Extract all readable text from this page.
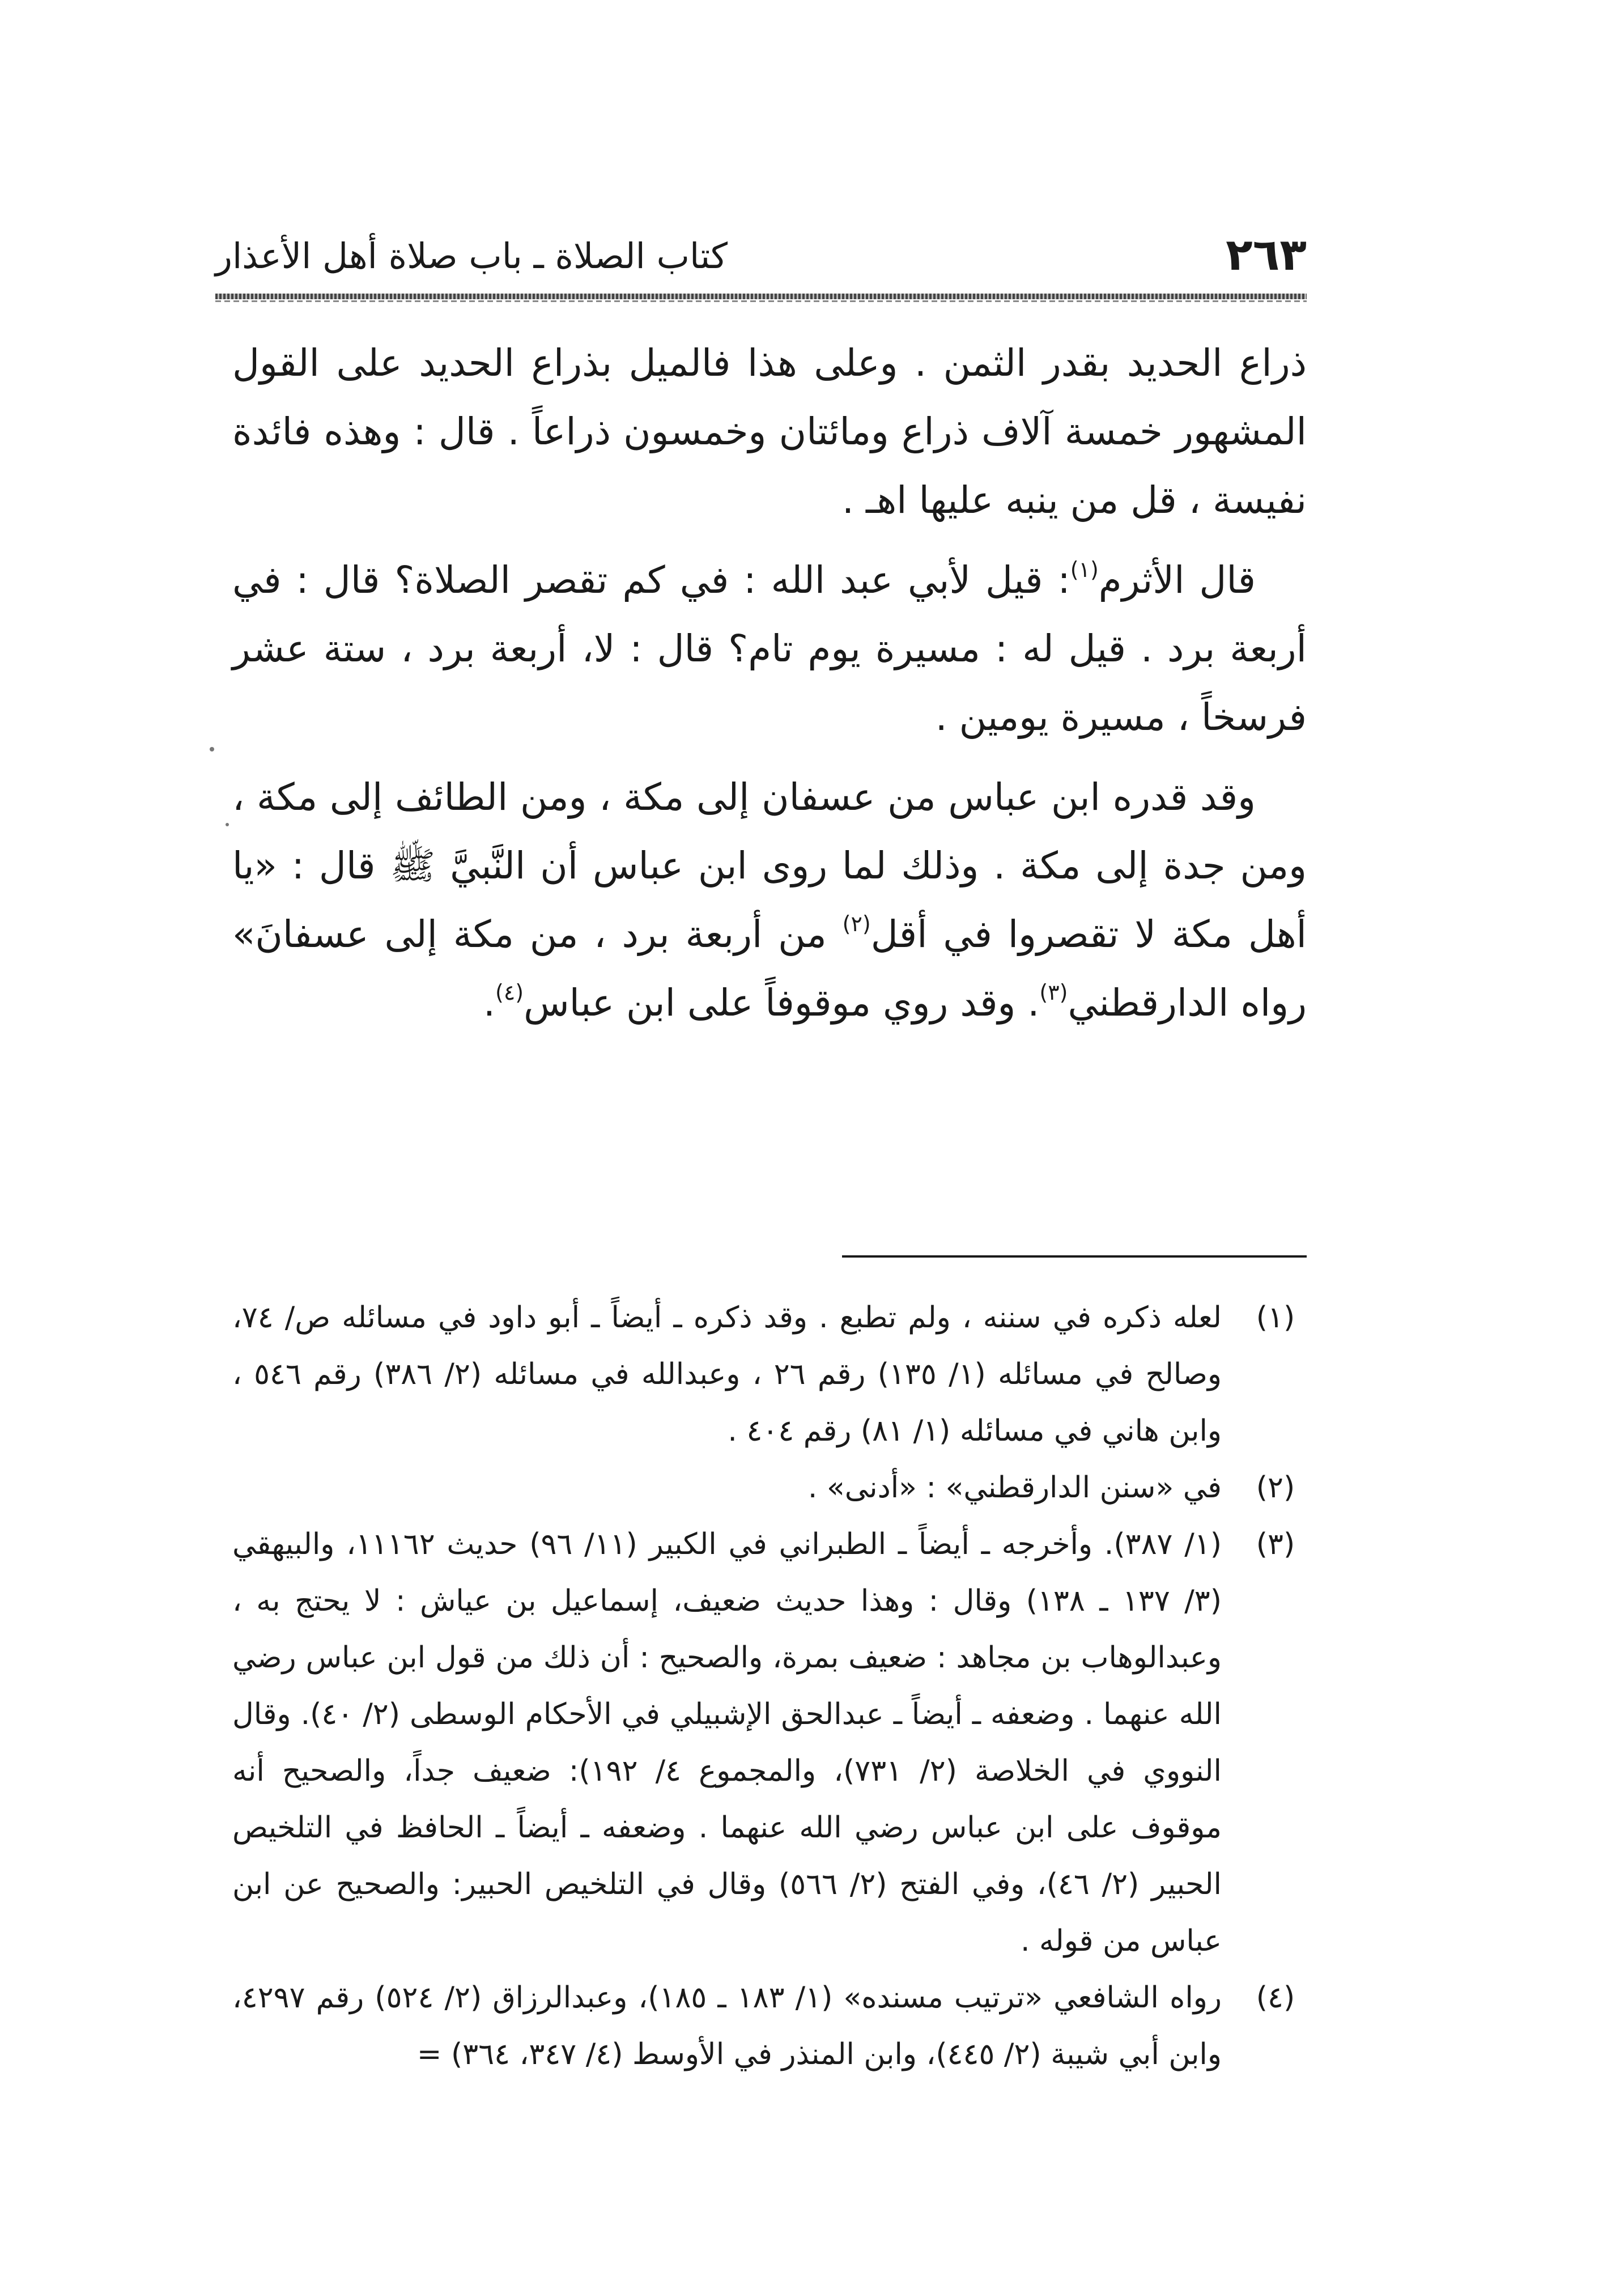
٢٦٣
كتاب الصلاة ـ باب صلاة أهل الأعذار

ذراع الحديد بقدر الثمن . وعلى هذا فالميل بذراع الحديد على القول المشهور خمسة آلاف ذراع ومائتان وخمسون ذراعاً . قال : وهذه فائدة نفيسة ، قل من ينبه عليها اهـ .

قال الأثرم$^{(١)}$: قيل لأبي عبد الله : في كم تقصر الصلاة؟ قال : في أربعة برد . قيل له : مسيرة يوم تام؟ قال : لا، أربعة برد ، ستة عشر فرسخاً ، مسيرة يومين .

وقد قدره ابن عباس من عسفان إلى مكة ، ومن الطائف إلى مكة ، ومن جدة إلى مكة . وذلك لما روى ابن عباس أن النَّبيَّ ﷺ قال : «يا أهل مكة لا تقصروا في أقل$^{(٢)}$ من أربعة برد ، من مكة إلى عسفانَ» رواه الدارقطني$^{(٣)}$. وقد روي موقوفاً على ابن عباس$^{(٤)}$.

(١)
لعله ذكره في سننه ، ولم تطبع . وقد ذكره ـ أيضاً ـ أبو داود في مسائله ص/ ٧٤، وصالح في مسائله (١/ ١٣٥) رقم ٢٦ ، وعبدالله في مسائله (٢/ ٣٨٦) رقم ٥٤٦ ، وابن هاني في مسائله (١/ ٨١) رقم ٤٠٤ .
(٢)
في «سنن الدارقطني» : «أدنى» .
(٣)
(١/ ٣٨٧). وأخرجه ـ أيضاً ـ الطبراني في الكبير (١١/ ٩٦) حديث ١١١٦٢، والبيهقي (٣/ ١٣٧ ـ ١٣٨) وقال : وهذا حديث ضعيف، إسماعيل بن عياش : لا يحتج به ، وعبدالوهاب بن مجاهد : ضعيف بمرة، والصحيح : أن ذلك من قول ابن عباس رضي الله عنهما . وضعفه ـ أيضاً ـ عبدالحق الإشبيلي في الأحكام الوسطى (٢/ ٤٠). وقال النووي في الخلاصة (٢/ ٧٣١)، والمجموع ٤/ ١٩٢): ضعيف جداً، والصحيح أنه موقوف على ابن عباس رضي الله عنهما . وضعفه ـ أيضاً ـ الحافظ في التلخيص الحبير (٢/ ٤٦)، وفي الفتح (٢/ ٥٦٦) وقال في التلخيص الحبير: والصحيح عن ابن عباس من قوله .
(٤)
رواه الشافعي «ترتيب مسنده» (١/ ١٨٣ ـ ١٨٥)، وعبدالرزاق (٢/ ٥٢٤) رقم ٤٢٩٧، وابن أبي شيبة (٢/ ٤٤٥)، وابن المنذر في الأوسط (٤/ ٣٤٧، ٣٦٤) =
